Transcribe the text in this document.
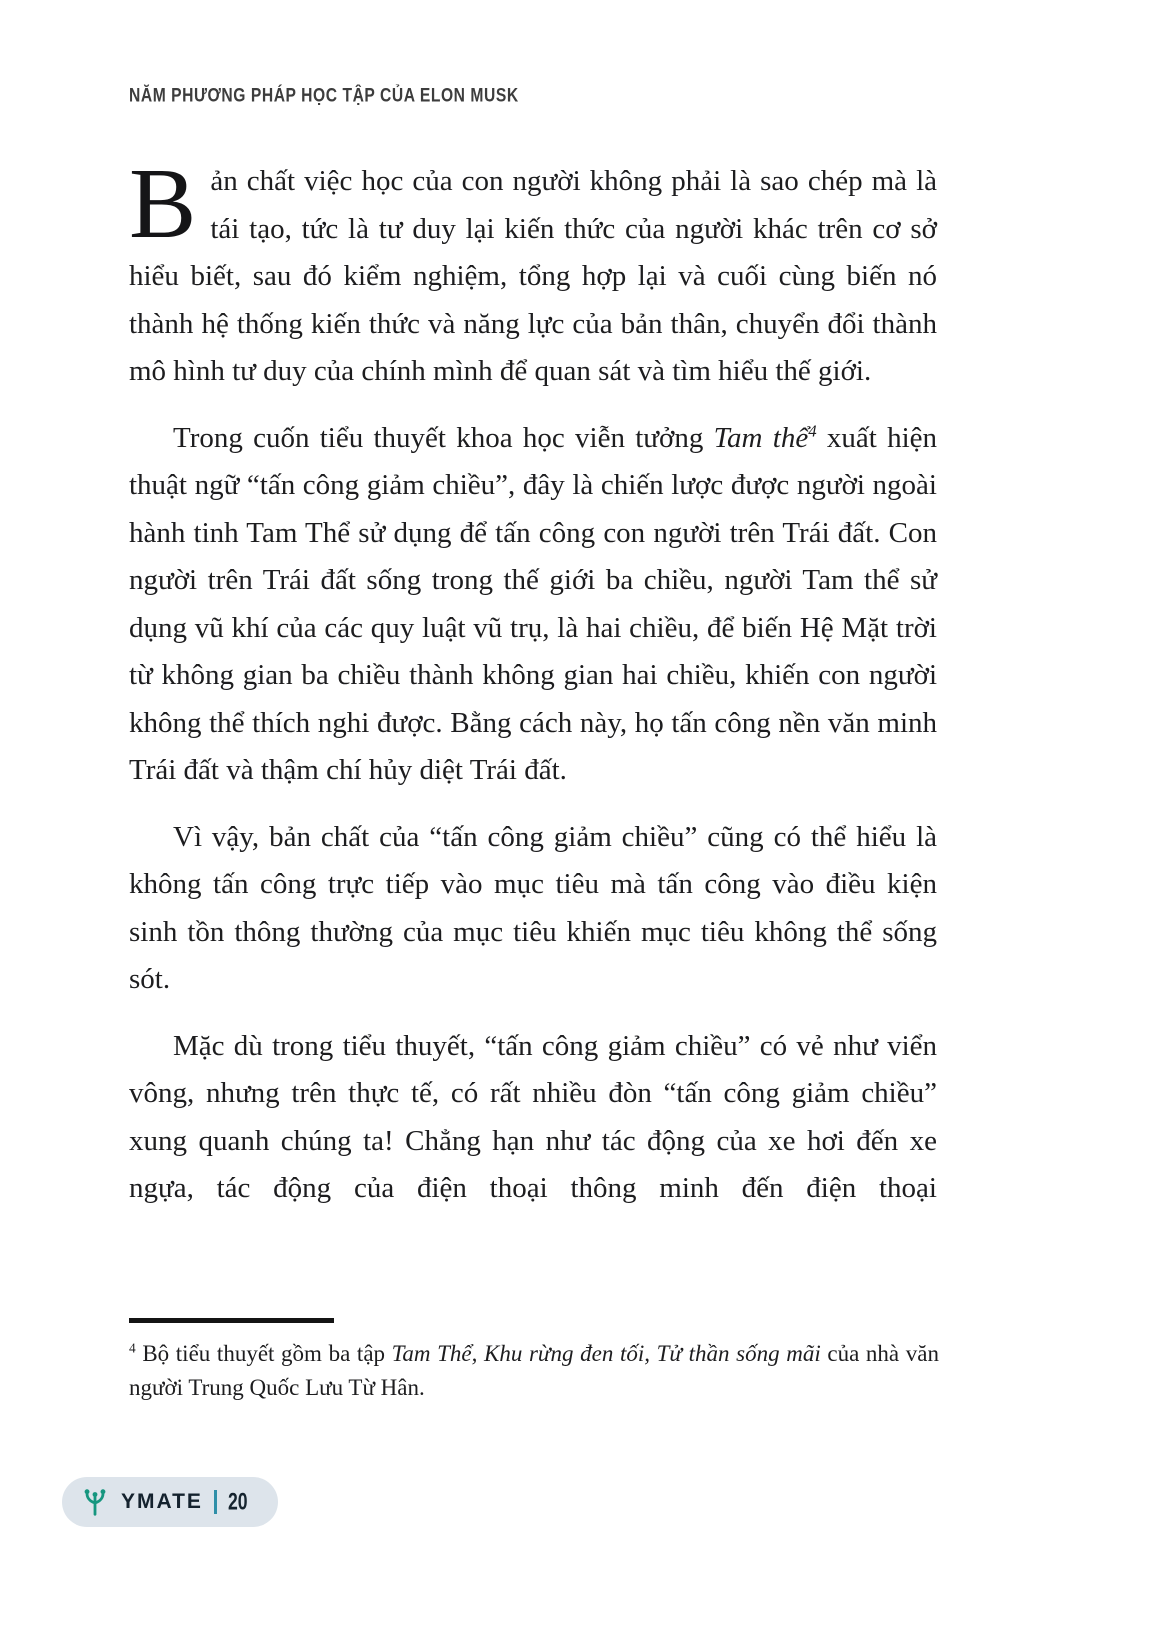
NĂM PHƯƠNG PHÁP HỌC TẬP CỦA ELON MUSK

Bản chất việc học của con người không phải là sao chép mà là tái tạo, tức là tư duy lại kiến thức của người khác trên cơ sở hiểu biết, sau đó kiểm nghiệm, tổng hợp lại và cuối cùng biến nó thành hệ thống kiến thức và năng lực của bản thân, chuyển đổi thành mô hình tư duy của chính mình để quan sát và tìm hiểu thế giới.

Trong cuốn tiểu thuyết khoa học viễn tưởng Tam thể$^4$ xuất hiện thuật ngữ “tấn công giảm chiều”, đây là chiến lược được người ngoài hành tinh Tam Thể sử dụng để tấn công con người trên Trái đất. Con người trên Trái đất sống trong thế giới ba chiều, người Tam thể sử dụng vũ khí của các quy luật vũ trụ, là hai chiều, để biến Hệ Mặt trời từ không gian ba chiều thành không gian hai chiều, khiến con người không thể thích nghi được. Bằng cách này, họ tấn công nền văn minh Trái đất và thậm chí hủy diệt Trái đất.

Vì vậy, bản chất của “tấn công giảm chiều” cũng có thể hiểu là không tấn công trực tiếp vào mục tiêu mà tấn công vào điều kiện sinh tồn thông thường của mục tiêu khiến mục tiêu không thể sống sót.

Mặc dù trong tiểu thuyết, “tấn công giảm chiều” có vẻ như viển vông, nhưng trên thực tế, có rất nhiều đòn “tấn công giảm chiều” xung quanh chúng ta! Chẳng hạn như tác động của xe hơi đến xe ngựa, tác động của điện thoại thông minh đến điện thoại

$^4$ Bộ tiểu thuyết gồm ba tập Tam Thể, Khu rừng đen tối, Tử thần sống mãi của nhà văn người Trung Quốc Lưu Từ Hân.
YMATE 20
